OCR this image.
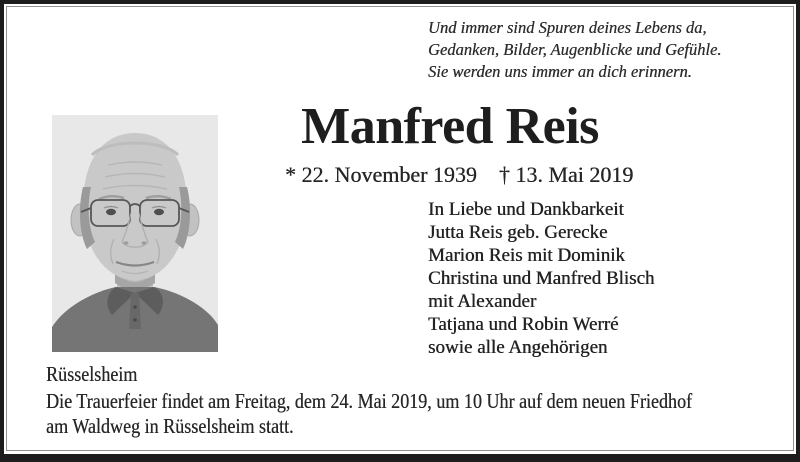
Und immer sind Spuren deines Lebens da,
Gedanken, Bilder, Augenblicke und Gefühle.
Sie werden uns immer an dich erinnern.
Manfred Reis
* 22. November 1939 † 13. Mai 2019
In Liebe und Dankbarkeit
Jutta Reis geb. Gerecke
Marion Reis mit Dominik
Christina und Manfred Blisch
mit Alexander
Tatjana und Robin Werré
sowie alle Angehörigen
Rüsselsheim
Die Trauerfeier findet am Freitag, dem 24. Mai 2019, um 10 Uhr auf dem neuen Friedhof
am Waldweg in Rüsselsheim statt.
